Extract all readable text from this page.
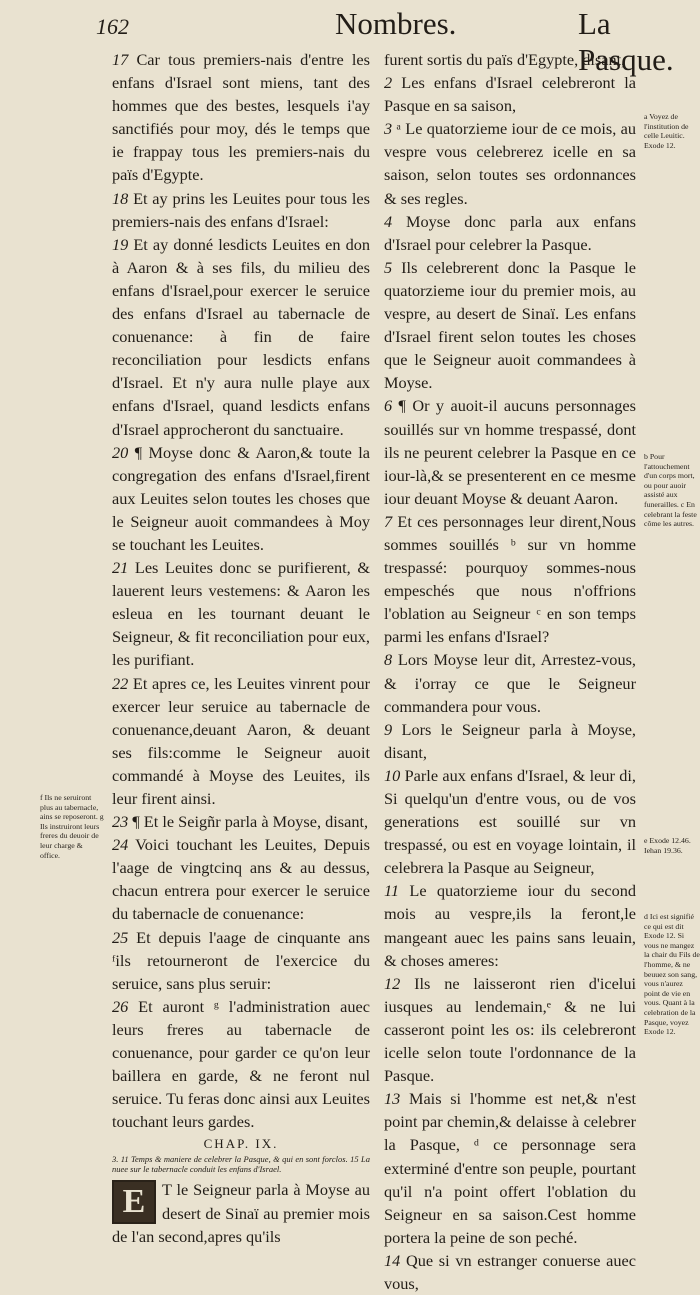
162	Nombres.	La Pasque.

17 Car tous premiers-nais d'entre les enfans d'Israel sont miens, tant des hommes que des bestes, lesquels i'ay sanctifiés pour moy, dés le temps que ie frappay tous les premiers-nais du païs d'Egypte.

18 Et ay prins les Leuites pour tous les premiers-nais des enfans d'Israel:

19 Et ay donné lesdicts Leuites en don à Aaron & à ses fils, du milieu des enfans d'Israel,pour exercer le seruice des enfans d'Israel au tabernacle de conuenance: à fin de faire reconciliation pour lesdicts enfans d'Israel. Et n'y aura nulle playe aux enfans d'Israel, quand lesdicts enfans d'Israel approcheront du sanctuaire.

20 ¶ Moyse donc & Aaron,& toute la congregation des enfans d'Israel,firent aux Leuites selon toutes les choses que le Seigneur auoit commandees à Moy se touchant les Leuites.

21 Les Leuites donc se purifierent, & lauerent leurs vestemens: & Aaron les esleua en les tournant deuant le Seigneur, & fit reconciliation pour eux, les purifiant.

22 Et apres ce, les Leuites vinrent pour exercer leur seruice au tabernacle de conuenance,deuant Aaron, & deuant ses fils:comme le Seigneur auoit commandé à Moyse des Leuites, ils leur firent ainsi.

23 ¶ Et le Seigñr parla à Moyse, disant,

24 Voici touchant les Leuites, Depuis l'aage de vingtcinq ans & au dessus, chacun entrera pour exercer le seruice du tabernacle de conuenance:

25 Et depuis l'aage de cinquante ans ᶠils retourneront de l'exercice du seruice, sans plus seruir:

26 Et auront ᵍ l'administration auec leurs freres au tabernacle de conuenance, pour garder ce qu'on leur baillera en garde, & ne feront nul seruice. Tu feras donc ainsi aux Leuites touchant leurs gardes.

CHAP. IX.
3. 11 Temps & maniere de celebrer la Pasque, & qui en sont forclos. 15 La nuee sur le tabernacle conduit les enfans d'Israel.

E	T le Seigneur parla à Moyse au desert de Sinaï au premier mois de l'an second,apres qu'ils

furent sortis du païs d'Egypte, disant,

2 Les enfans d'Israel celebreront la Pasque en sa saison,

3 ᵃ Le quatorzieme iour de ce mois, au vespre vous celebrerez icelle en sa saison, selon toutes ses ordonnances & ses regles.

4 Moyse donc parla aux enfans d'Israel pour celebrer la Pasque.

5 Ils celebrerent donc la Pasque le quatorzieme iour du premier mois, au vespre, au desert de Sinaï. Les enfans d'Israel firent selon toutes les choses que le Seigneur auoit commandees à Moyse.

6 ¶ Or y auoit-il aucuns personnages souillés sur vn homme trespassé, dont ils ne peurent celebrer la Pasque en ce iour-là,& se presenterent en ce mesme iour deuant Moyse & deuant Aaron.

7 Et ces personnages leur dirent,Nous sommes souillés ᵇ sur vn homme trespassé: pourquoy sommes-nous empeschés que nous n'offrions l'oblation au Seigneur ᶜ en son temps parmi les enfans d'Israel?

8 Lors Moyse leur dit, Arrestez-vous, & i'orray ce que le Seigneur commandera pour vous.

9 Lors le Seigneur parla à Moyse, disant,

10 Parle aux enfans d'Israel, & leur di, Si quelqu'un d'entre vous, ou de vos generations est souillé sur vn trespassé, ou est en voyage lointain, il celebrera la Pasque au Seigneur,

11 Le quatorzieme iour du second mois au vespre,ils la feront,le mangeant auec les pains sans leuain, & choses ameres:

12 Ils ne laisseront rien d'icelui iusques au lendemain,ᵉ & ne lui casseront point les os: ils celebreront icelle selon toute l'ordonnance de la Pasque.

13 Mais si l'homme est net,& n'est point par chemin,& delaisse à celebrer la Pasque, ᵈ ce personnage sera exterminé d'entre son peuple, pourtant qu'il n'a point offert l'oblation du Seigneur en sa saison.Cest homme portera la peine de son peché.

14 Que si vn estranger conuerse auec vous,

f Ils ne seruiront plus au tabernacle, ains se reposeront. g Ils instruiront leurs freres du deuoir de leur charge & office.
a Voyez de l'institution de celle Leuitic. Exode 12.
b Pour l'attouchement d'un corps mort, ou pour auoir assisté aux funerailles. c En celebrant la feste cõme les autres.
e Exode 12.46. Iehan 19.36.
d Ici est signifié ce qui est dit Exode 12. Si vous ne mangez la chair du Fils de l'homme, & ne beuuez son sang, vous n'aurez point de vie en vous. Quant à la celebration de la Pasque, voyez Exode 12.
